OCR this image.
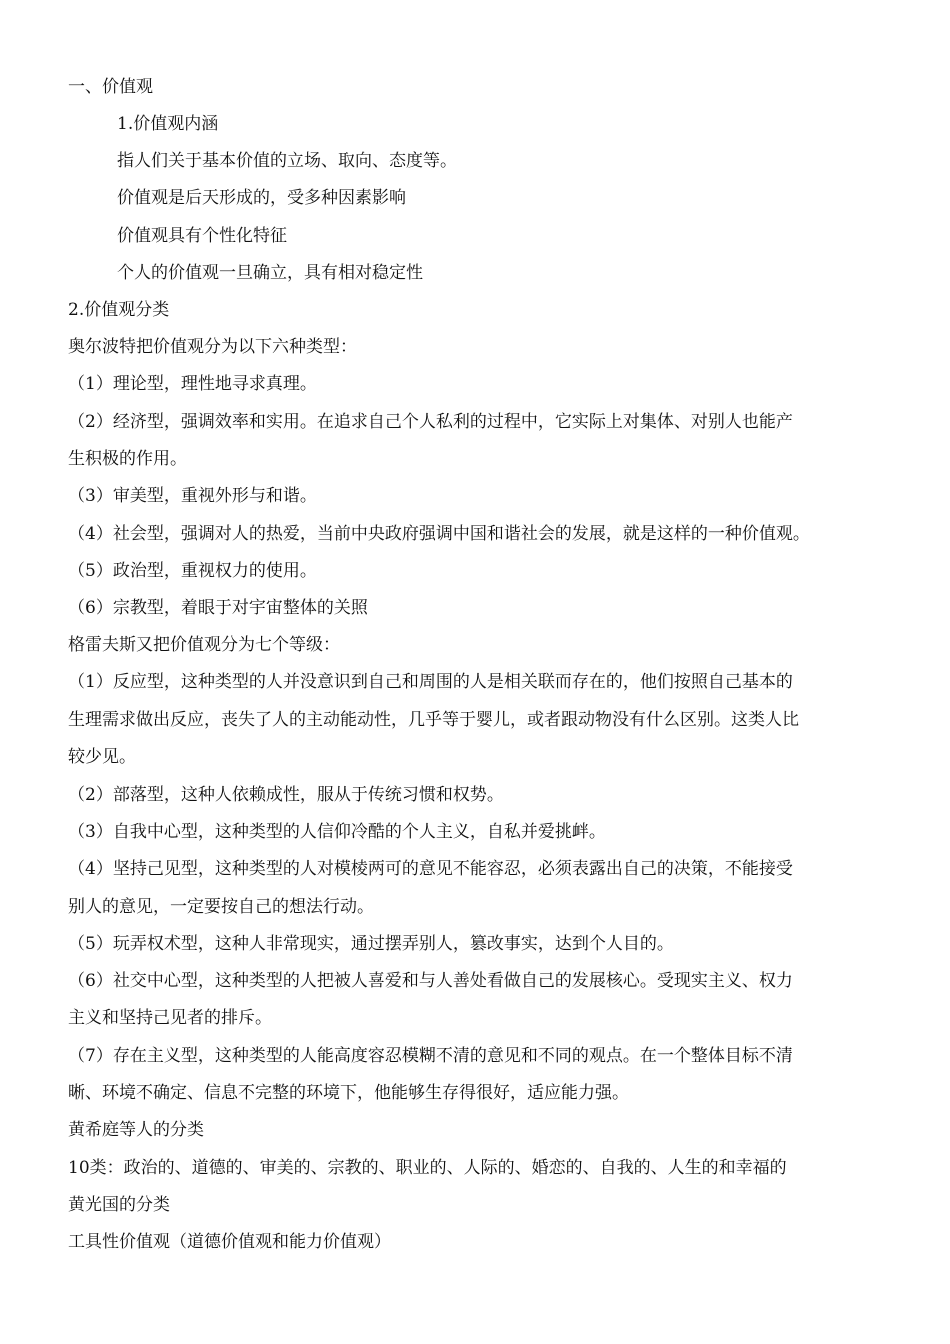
一、价值观
1.价值观内涵
指人们关于基本价值的立场、取向、态度等。
价值观是后天形成的，受多种因素影响
价值观具有个性化特征
个人的价值观一旦确立，具有相对稳定性
2.价值观分类
奥尔波特把价值观分为以下六种类型：
（1）理论型，理性地寻求真理。
（2）经济型，强调效率和实用。在追求自己个人私利的过程中，它实际上对集体、对别人也能产
生积极的作用。
（3）审美型，重视外形与和谐。
（4）社会型，强调对人的热爱，当前中央政府强调中国和谐社会的发展，就是这样的一种价值观。
（5）政治型，重视权力的使用。
（6）宗教型，着眼于对宇宙整体的关照
格雷夫斯又把价值观分为七个等级：
（1）反应型，这种类型的人并没意识到自己和周围的人是相关联而存在的，他们按照自己基本的
生理需求做出反应，丧失了人的主动能动性，几乎等于婴儿，或者跟动物没有什么区别。这类人比
较少见。
（2）部落型，这种人依赖成性，服从于传统习惯和权势。
（3）自我中心型，这种类型的人信仰冷酷的个人主义，自私并爱挑衅。
（4）坚持己见型，这种类型的人对模棱两可的意见不能容忍，必须表露出自己的决策，不能接受
别人的意见，一定要按自己的想法行动。
（5）玩弄权术型，这种人非常现实，通过摆弄别人，篡改事实，达到个人目的。
（6）社交中心型，这种类型的人把被人喜爱和与人善处看做自己的发展核心。受现实主义、权力
主义和坚持己见者的排斥。
（7）存在主义型，这种类型的人能高度容忍模糊不清的意见和不同的观点。在一个整体目标不清
晰、环境不确定、信息不完整的环境下，他能够生存得很好，适应能力强。
黄希庭等人的分类
10类：政治的、道德的、审美的、宗教的、职业的、人际的、婚恋的、自我的、人生的和幸福的
黄光国的分类
工具性价值观（道德价值观和能力价值观）
